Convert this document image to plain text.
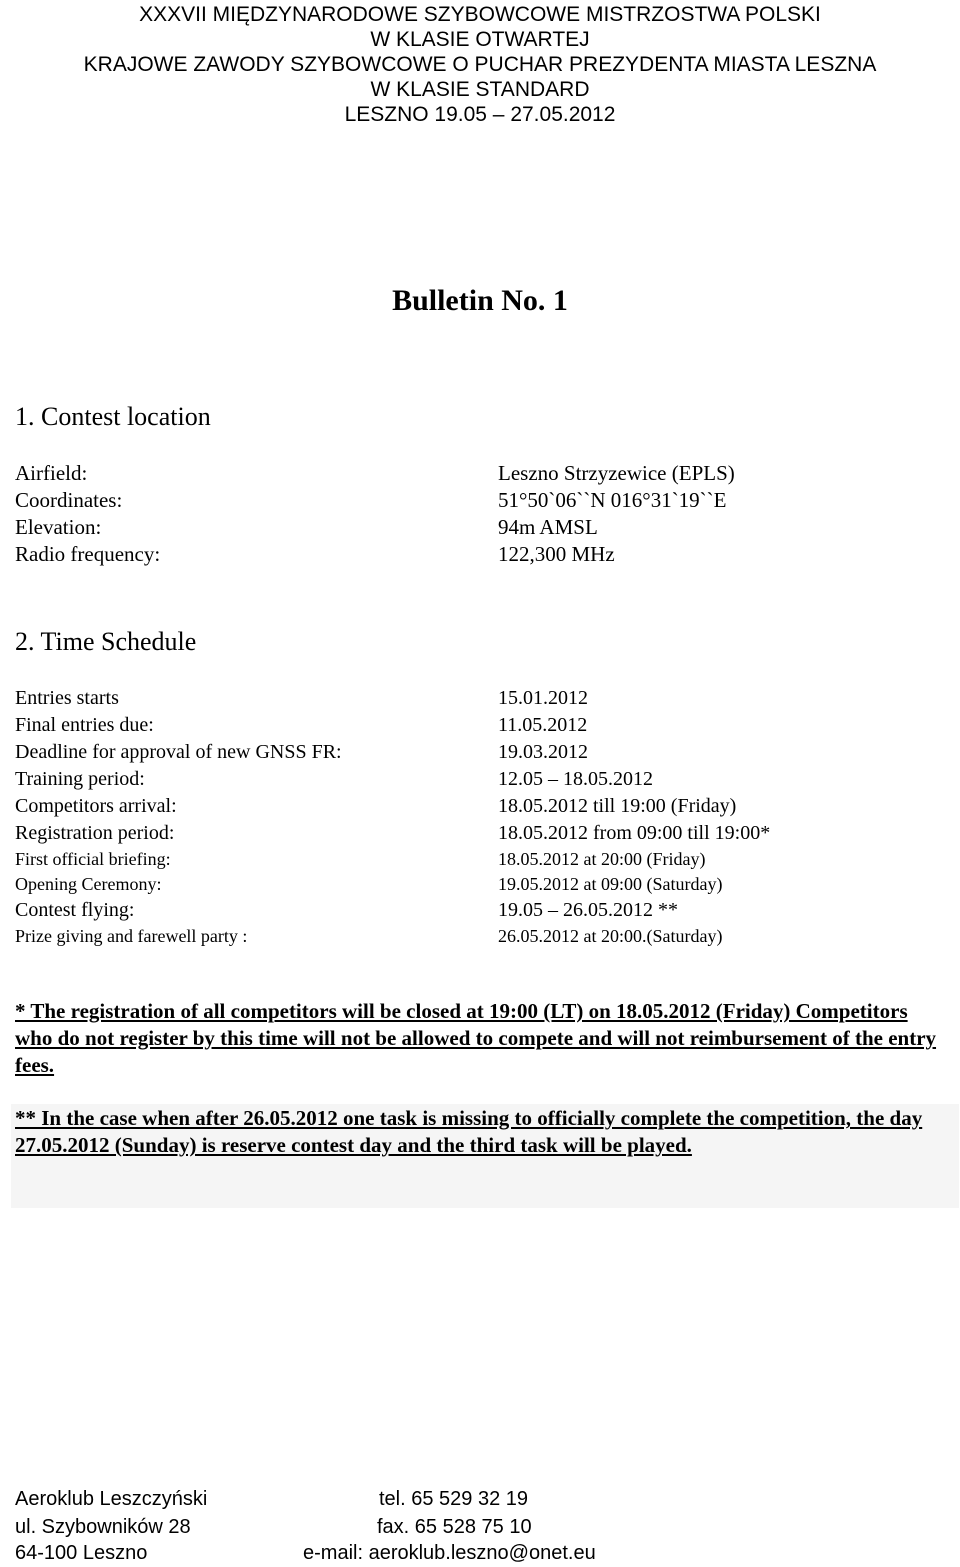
XXXVII MIĘDZYNARODOWE SZYBOWCOWE MISTRZOSTWA POLSKI
W KLASIE OTWARTEJ
KRAJOWE ZAWODY SZYBOWCOWE O PUCHAR PREZYDENTA MIASTA LESZNA
W KLASIE STANDARD
LESZNO 19.05 – 27.05.2012
Bulletin No. 1
1. Contest location
Airfield:	Leszno Strzyzewice (EPLS)
Coordinates:	51°50`06``N 016°31`19``E
Elevation:	94m AMSL
Radio frequency:	122,300 MHz
2. Time Schedule
Entries starts	15.01.2012
Final entries due:	11.05.2012
Deadline for approval of new GNSS FR:	19.03.2012
Training period:	12.05 – 18.05.2012
Competitors arrival:	18.05.2012 till 19:00 (Friday)
Registration period:	18.05.2012 from 09:00 till 19:00*
First official briefing:	18.05.2012 at 20:00 (Friday)
Opening Ceremony:	19.05.2012 at 09:00 (Saturday)
Contest flying:	19.05 – 26.05.2012 **
Prize giving and farewell party :	26.05.2012 at 20:00.(Saturday)
* The registration of all competitors will be closed at 19:00 (LT) on 18.05.2012 (Friday) Competitors who do not register by this time will not be allowed to compete and will not reimbursement of the entry fees.
** In the case when after 26.05.2012 one task is missing to officially complete the competition, the day 27.05.2012 (Sunday) is reserve contest day and the third task will be played.
Aeroklub Leszczyński	tel. 65 529 32 19
ul. Szybowników 28	fax. 65 528 75 10
64-100 Leszno	e-mail: aeroklub.leszno@onet.eu
